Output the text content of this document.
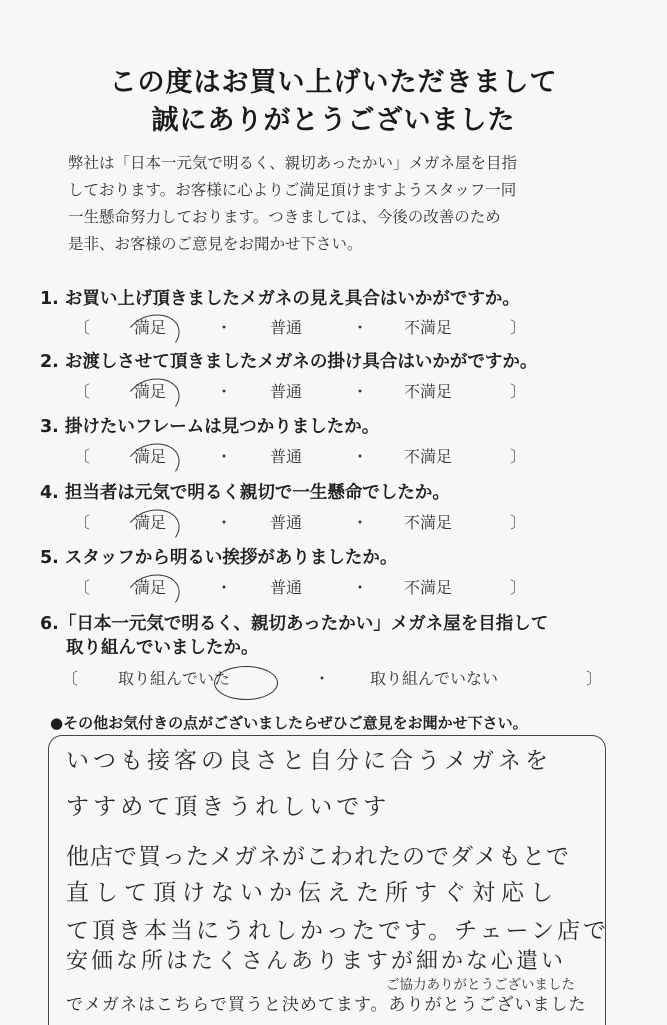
この度はお買い上げいただきまして
誠にありがとうございました
弊社は「日本一元気で明るく、親切あったかい」メガネ屋を目指
しております。お客様に心よりご満足頂けますようスタッフ一同
一生懸命努力しております。つきましては、今後の改善のため
是非、お客様のご意見をお聞かせ下さい。
1. お買い上げ頂きましたメガネの見え具合はいかがですか。
〔	満足	・ 普通	・ 不満足	〕
2. お渡しさせて頂きましたメガネの掛け具合はいかがですか。
〔	満足	・ 普通	・ 不満足	〕
3. 掛けたいフレームは見つかりましたか。
〔	満足	・ 普通	・ 不満足	〕
4. 担当者は元気で明るく親切で一生懸命でしたか。
〔	満足	・ 普通	・ 不満足	〕
5. スタッフから明るい挨拶がありましたか。
〔	満足	・ 普通	・ 不満足	〕
6.「日本一元気で明るく、親切あったかい」メガネ屋を目指して
取り組んでいましたか。
〔 取り組んでいた	・ 取り組んでいない	〕
●その他お気付きの点がございましたらぜひご意見をお聞かせ下さい。
いつも接客の良さと自分に合うメガネを
すすめて頂きうれしいです
他店で買ったメガネがこわれたのでダメもとで
直して頂けないか伝えた所すぐ対応し
て頂き本当にうれしかったです。チェーン店で
安価な所はたくさんありますが細かな心遣い
ご協力ありがとうございました
でメガネはこちらで買うと決めてます。ありがとうございました
